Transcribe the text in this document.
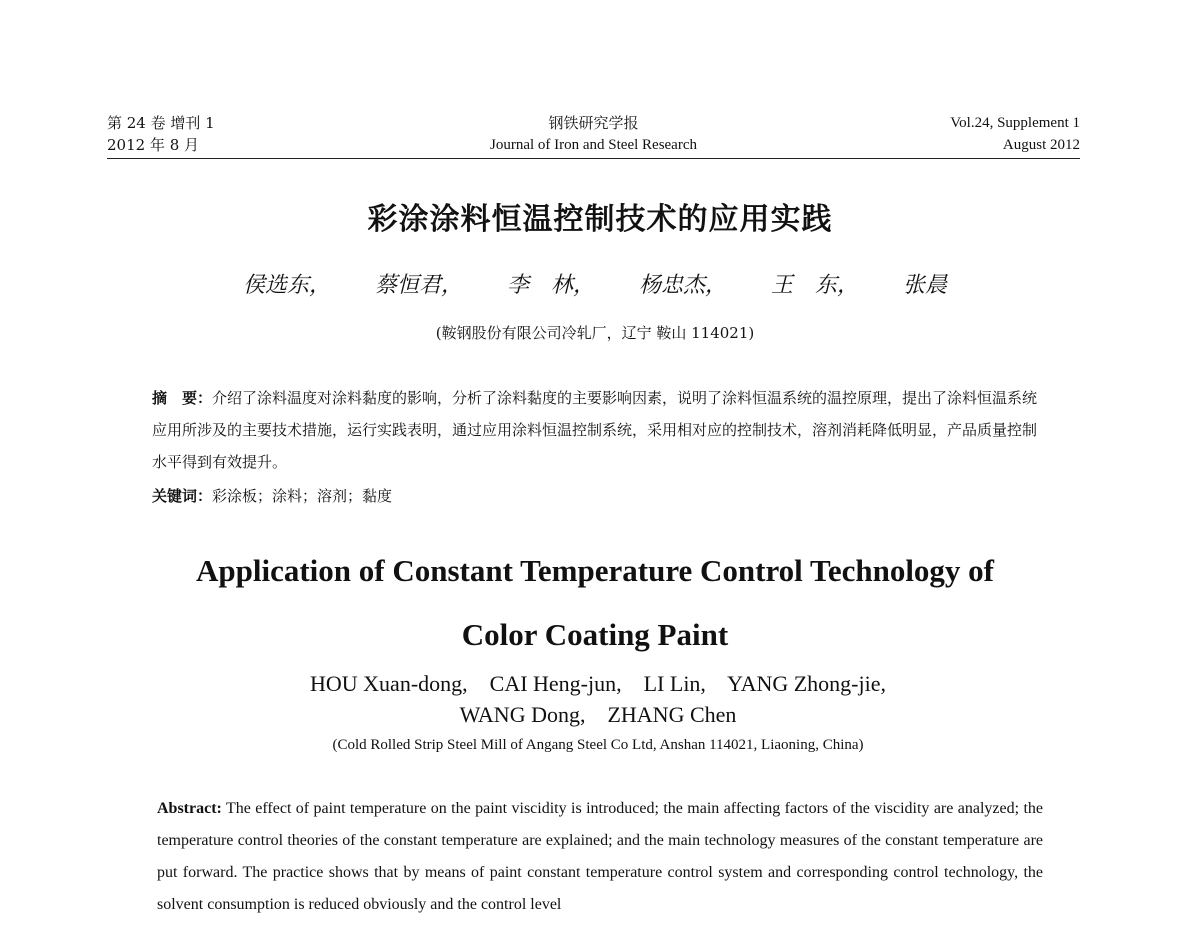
第 24 卷 增刊 1
2012 年 8 月
钢铁研究学报
Journal of Iron and Steel Research
Vol.24, Supplement 1
August 2012
彩涂涂料恒温控制技术的应用实践
侯选东， 蔡恒君， 李　林， 杨忠杰， 王　东， 张晨
(鞍钢股份有限公司冷轧厂，辽宁 鞍山 114021)
摘　要：介绍了涂料温度对涂料黏度的影响，分析了涂料黏度的主要影响因素，说明了涂料恒温系统的温控原理，提出了涂料恒温系统应用所涉及的主要技术措施，运行实践表明，通过应用涂料恒温控制系统，采用相对应的控制技术，溶剂消耗降低明显，产品质量控制水平得到有效提升。
关键词：彩涂板；涂料；溶剂；黏度
Application of Constant Temperature Control Technology of
Color Coating Paint
HOU Xuan-dong,    CAI Heng-jun,    LI Lin,    YANG Zhong-jie,
WANG Dong,    ZHANG Chen
(Cold Rolled Strip Steel Mill of Angang Steel Co Ltd, Anshan 114021, Liaoning, China)
Abstract: The effect of paint temperature on the paint viscidity is introduced; the main affecting factors of the viscidity are analyzed; the temperature control theories of the constant temperature are explained; and the main technology measures of the constant temperature are put forward. The practice shows that by means of paint constant temperature control system and corresponding control technology, the solvent consumption is reduced obviously and the control level
